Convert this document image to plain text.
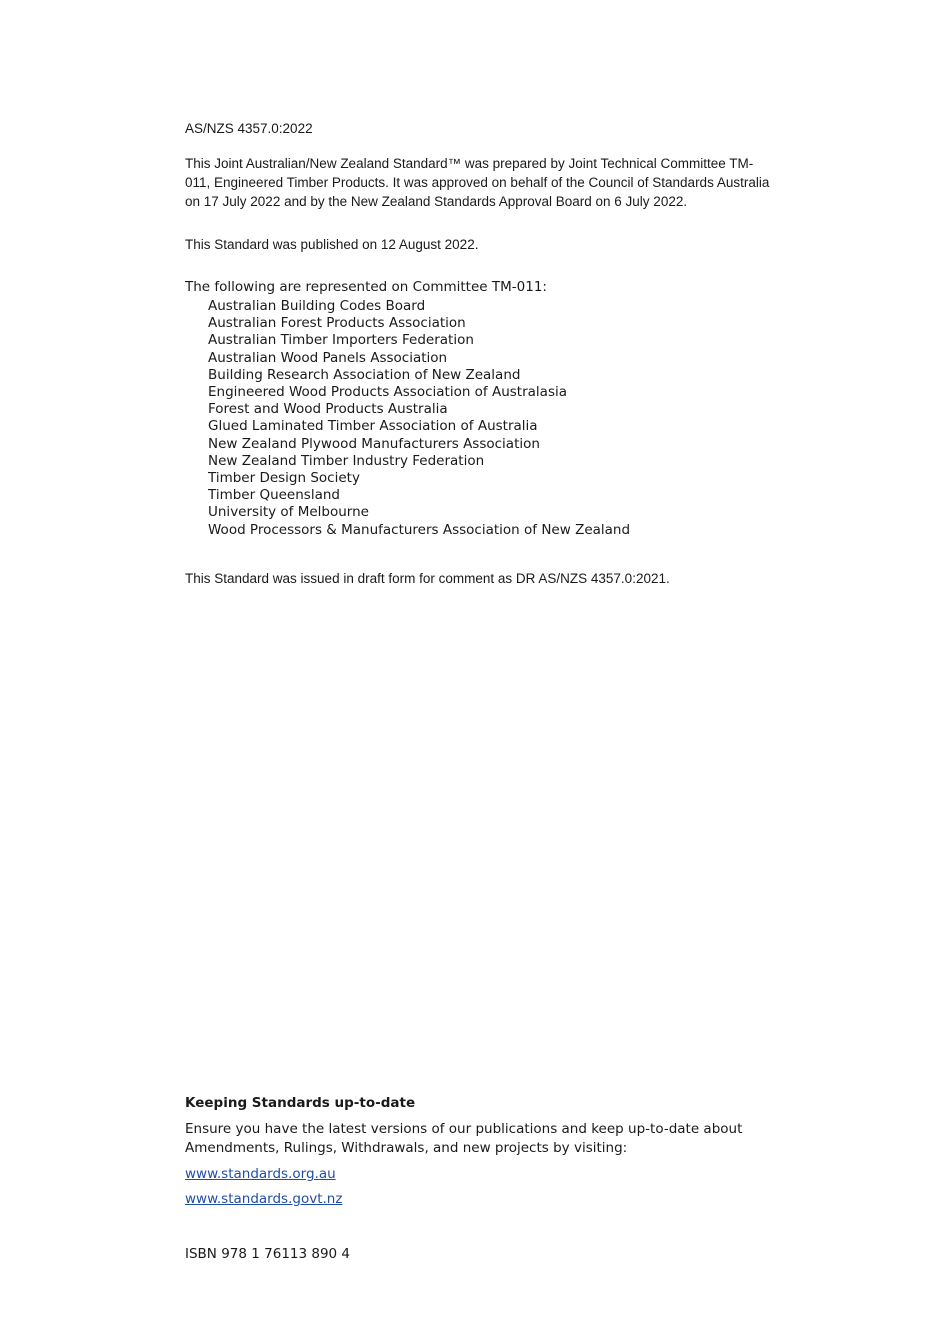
AS/NZS 4357.0:2022
This Joint Australian/New Zealand Standard™ was prepared by Joint Technical Committee TM-011, Engineered Timber Products. It was approved on behalf of the Council of Standards Australia on 17 July 2022 and by the New Zealand Standards Approval Board on 6 July 2022.
This Standard was published on 12 August 2022.
The following are represented on Committee TM-011:
Australian Building Codes Board
Australian Forest Products Association
Australian Timber Importers Federation
Australian Wood Panels Association
Building Research Association of New Zealand
Engineered Wood Products Association of Australasia
Forest and Wood Products Australia
Glued Laminated Timber Association of Australia
New Zealand Plywood Manufacturers Association
New Zealand Timber Industry Federation
Timber Design Society
Timber Queensland
University of Melbourne
Wood Processors & Manufacturers Association of New Zealand
This Standard was issued in draft form for comment as DR AS/NZS 4357.0:2021.
Keeping Standards up-to-date
Ensure you have the latest versions of our publications and keep up-to-date about Amendments, Rulings, Withdrawals, and new projects by visiting:
www.standards.org.au
www.standards.govt.nz
ISBN 978 1 76113 890 4
